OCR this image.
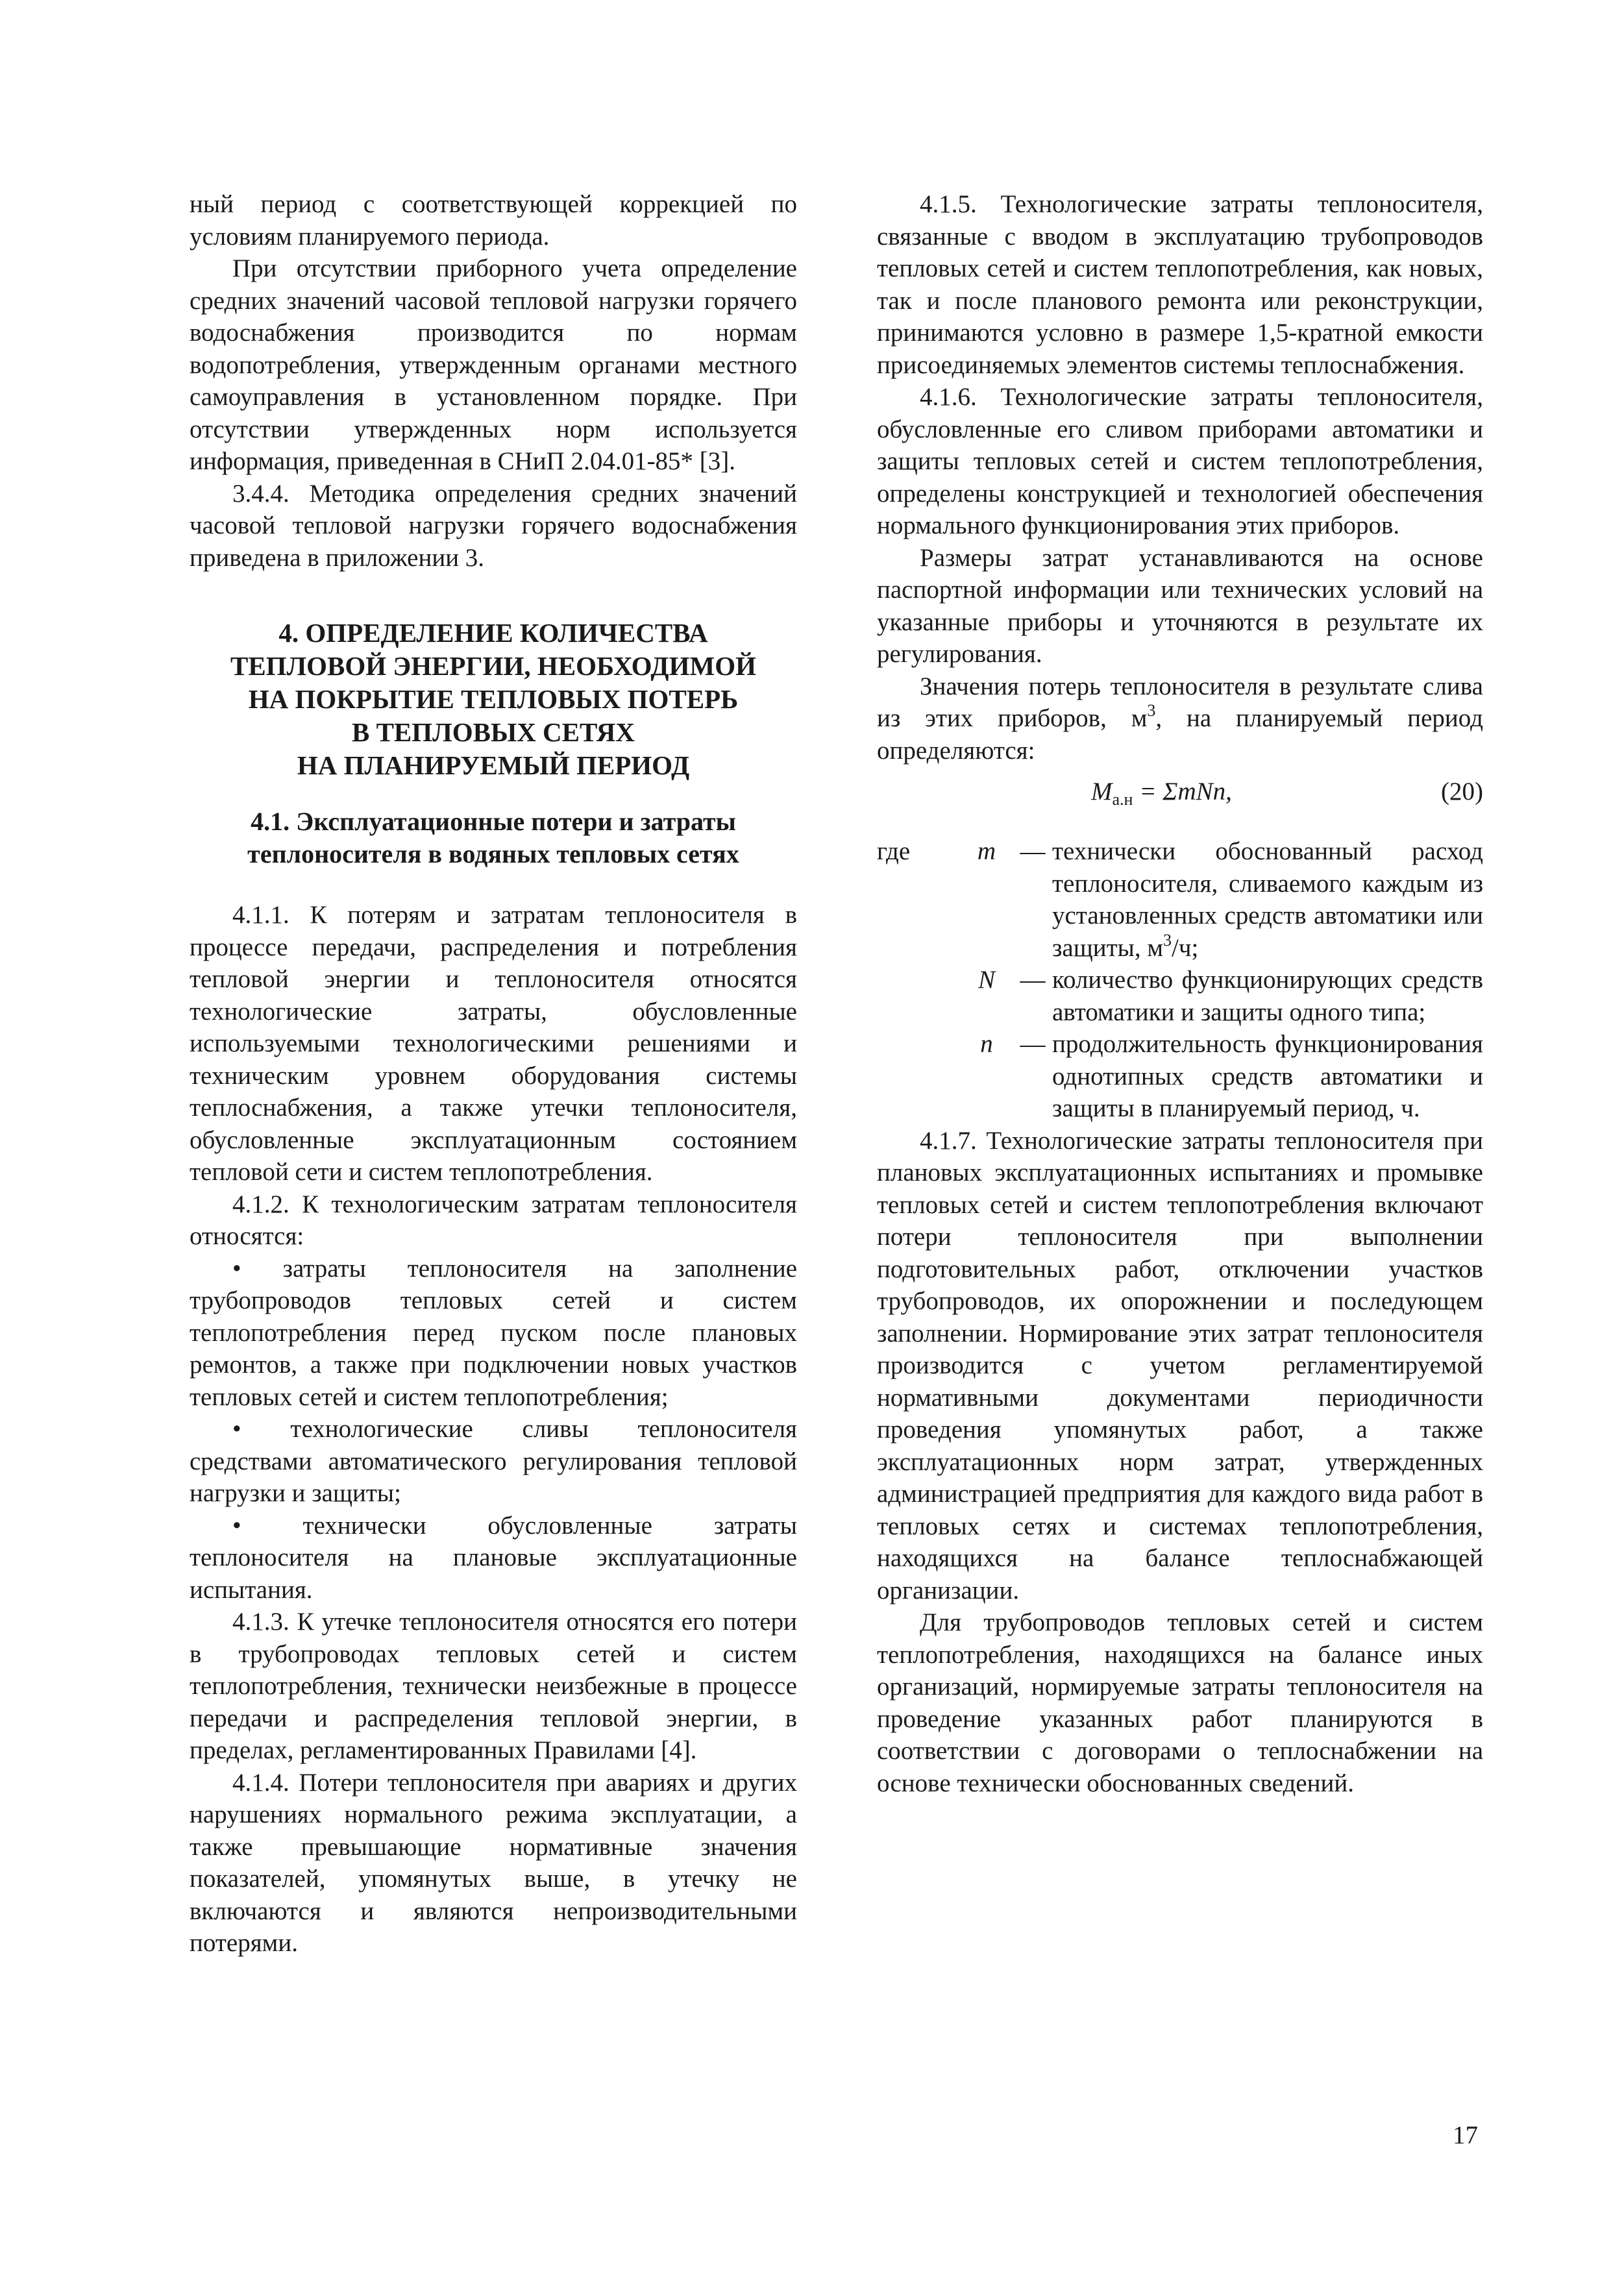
ный период с соответствующей коррекцией по условиям планируемого периода.

При отсутствии приборного учета определение средних значений часовой тепловой нагрузки горячего водоснабжения производится по нормам водопотребления, утвержденным органами местного самоуправления в установленном порядке. При отсутствии утвержденных норм используется информация, приведенная в СНиП 2.04.01-85* [3].

3.4.4. Методика определения средних значений часовой тепловой нагрузки горячего водоснабжения приведена в приложении 3.

4. ОПРЕДЕЛЕНИЕ КОЛИЧЕСТВА
ТЕПЛОВОЙ ЭНЕРГИИ, НЕОБХОДИМОЙ
НА ПОКРЫТИЕ ТЕПЛОВЫХ ПОТЕРЬ
В ТЕПЛОВЫХ СЕТЯХ
НА ПЛАНИРУЕМЫЙ ПЕРИОД
4.1. Эксплуатационные потери и затраты
теплоносителя в водяных тепловых сетях

4.1.1. К потерям и затратам теплоносителя в процессе передачи, распределения и потребления тепловой энергии и теплоносителя относятся технологические затраты, обусловленные используемыми технологическими решениями и техническим уровнем оборудования системы теплоснабжения, а также утечки теплоносителя, обусловленные эксплуатационным состоянием тепловой сети и систем теплопотребления.

4.1.2. К технологическим затратам теплоносителя относятся:

• затраты теплоносителя на заполнение трубопроводов тепловых сетей и систем теплопотребления перед пуском после плановых ремонтов, а также при подключении новых участков тепловых сетей и систем теплопотребления;

• технологические сливы теплоносителя средствами автоматического регулирования тепловой нагрузки и защиты;

• технически обусловленные затраты теплоносителя на плановые эксплуатационные испытания.

4.1.3. К утечке теплоносителя относятся его потери в трубопроводах тепловых сетей и систем теплопотребления, технически неизбежные в процессе передачи и распределения тепловой энергии, в пределах, регламентированных Правилами [4].

4.1.4. Потери теплоносителя при авариях и других нарушениях нормального режима эксплуатации, а также превышающие нормативные значения показателей, упомянутых выше, в утечку не включаются и являются непроизводительными потерями.

4.1.5. Технологические затраты теплоносителя, связанные с вводом в эксплуатацию трубопроводов тепловых сетей и систем теплопотребления, как новых, так и после планового ремонта или реконструкции, принимаются условно в размере 1,5-кратной емкости присоединяемых элементов системы теплоснабжения.

4.1.6. Технологические затраты теплоносителя, обусловленные его сливом приборами автоматики и защиты тепловых сетей и систем теплопотребления, определены конструкцией и технологией обеспечения нормального функционирования этих приборов.

Размеры затрат устанавливаются на основе паспортной информации или технических условий на указанные приборы и уточняются в результате их регулирования.

Значения потерь теплоносителя в результате слива из этих приборов, $м^3$, на планируемый период определяются:

$M_{а.н} = \Sigma mNn$,	(20)
где	m — технически обоснованный расход теплоносителя, сливаемого каждым из установленных средств автоматики или защиты, $м^3/ч$;
N — количество функционирующих средств автоматики и защиты одного типа;
n	— продолжительность функционирования однотипных средств автоматики и защиты в планируемый период, ч.

4.1.7. Технологические затраты теплоносителя при плановых эксплуатационных испытаниях и промывке тепловых сетей и систем теплопотребления включают потери теплоносителя при выполнении подготовительных работ, отключении участков трубопроводов, их опорожнении и последующем заполнении. Нормирование этих затрат теплоносителя производится с учетом регламентируемой нормативными документами периодичности проведения упомянутых работ, а также эксплуатационных норм затрат, утвержденных администрацией предприятия для каждого вида работ в тепловых сетях и системах теплопотребления, находящихся на балансе теплоснабжающей организации.

Для трубопроводов тепловых сетей и систем теплопотребления, находящихся на балансе иных организаций, нормируемые затраты теплоносителя на проведение указанных работ планируются в соответствии с договорами о теплоснабжении на основе технически обоснованных сведений.

17
